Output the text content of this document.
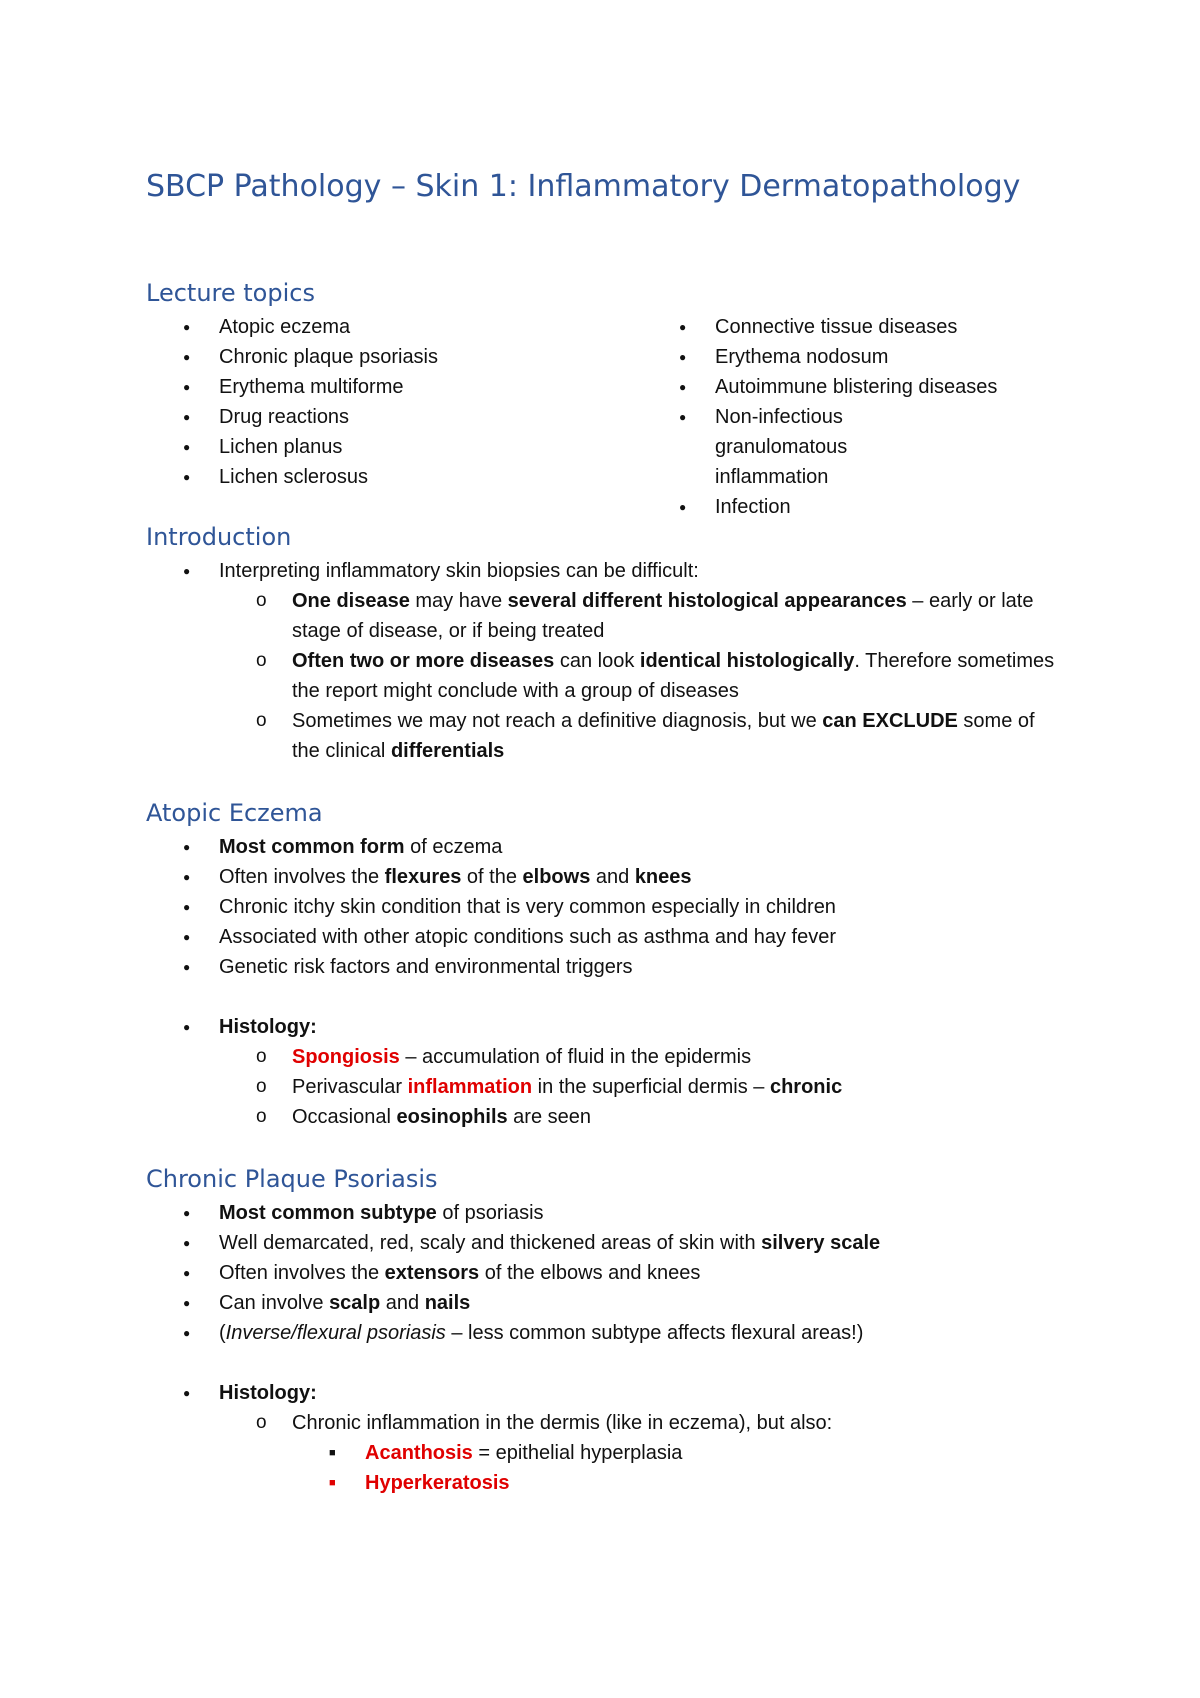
SBCP Pathology – Skin 1: Inflammatory Dermatopathology
Lecture topics
● Atopic eczema
● Chronic plaque psoriasis
● Erythema multiforme
● Drug reactions
● Lichen planus
● Lichen sclerosus
● Connective tissue diseases
● Erythema nodosum
● Autoimmune blistering diseases
● Non-infectious granulomatous inflammation
● Infection
Introduction
● Interpreting inflammatory skin biopsies can be difficult:
o One disease may have several different histological appearances – early or late stage of disease, or if being treated
o Often two or more diseases can look identical histologically. Therefore sometimes the report might conclude with a group of diseases
o Sometimes we may not reach a definitive diagnosis, but we can EXCLUDE some of the clinical differentials
Atopic Eczema
● Most common form of eczema
● Often involves the flexures of the elbows and knees
● Chronic itchy skin condition that is very common especially in children
● Associated with other atopic conditions such as asthma and hay fever
● Genetic risk factors and environmental triggers
● Histology:
o Spongiosis – accumulation of fluid in the epidermis
o Perivascular inflammation in the superficial dermis – chronic
o Occasional eosinophils are seen
Chronic Plaque Psoriasis
● Most common subtype of psoriasis
● Well demarcated, red, scaly and thickened areas of skin with silvery scale
● Often involves the extensors of the elbows and knees
● Can involve scalp and nails
● (Inverse/flexural psoriasis – less common subtype affects flexural areas!)
● Histology:
o Chronic inflammation in the dermis (like in eczema), but also:
■ Acanthosis = epithelial hyperplasia
■ Hyperkeratosis
